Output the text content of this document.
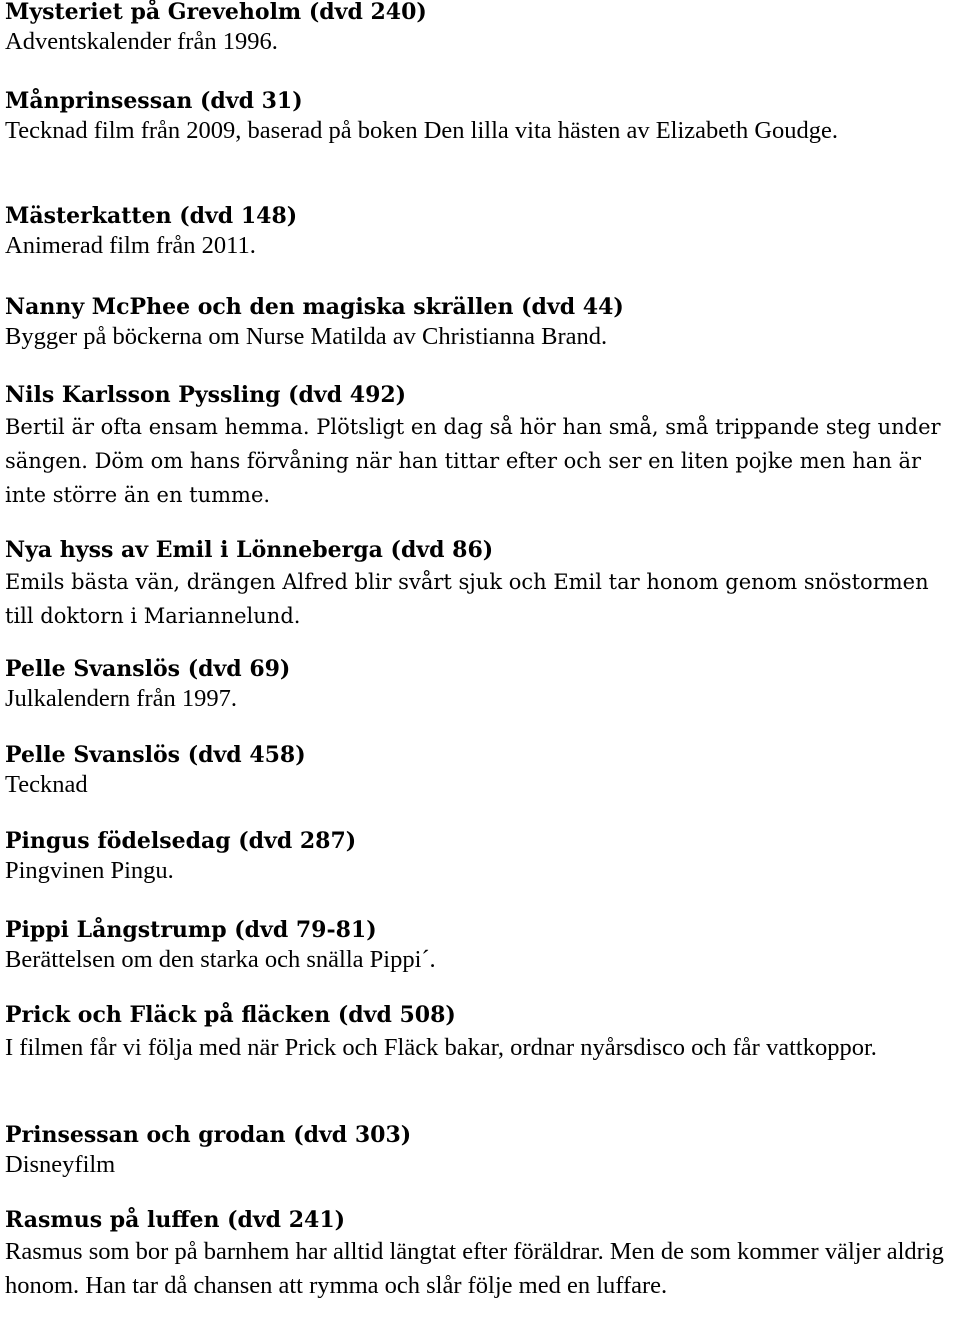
Mysteriet på Greveholm (dvd 240)
Adventskalender från 1996.
Månprinsessan (dvd 31)
Tecknad film från 2009, baserad på boken Den lilla vita hästen av Elizabeth Goudge.
Mästerkatten (dvd 148)
Animerad film från 2011.
Nanny McPhee och den magiska skrällen (dvd 44)
Bygger på böckerna om Nurse Matilda av Christianna Brand.
Nils Karlsson Pyssling (dvd 492)
Bertil är ofta ensam hemma. Plötsligt en dag så hör han små, små trippande steg under sängen. Döm om hans förvåning när han tittar efter och ser en liten pojke men han är inte större än en tumme.
Nya hyss av Emil i Lönneberga (dvd 86)
Emils bästa vän, drängen Alfred blir svårt sjuk och Emil tar honom genom snöstormen till doktorn i Mariannelund.
Pelle Svanslös (dvd 69)
Julkalendern från 1997.
Pelle Svanslös (dvd 458)
Tecknad
Pingus födelsedag (dvd 287)
Pingvinen Pingu.
Pippi Långstrump (dvd 79-81)
Berättelsen om den starka och snälla Pippi´.
Prick och Fläck på fläcken (dvd 508)
I filmen får vi följa med när Prick och Fläck bakar, ordnar nyårsdisco och får vattkoppor.
Prinsessan och grodan (dvd 303)
Disneyfilm
Rasmus på luffen (dvd 241)
Rasmus som bor på barnhem har alltid längtat efter föräldrar. Men de som kommer väljer aldrig honom. Han tar då chansen att rymma och slår följe med en luffare.
